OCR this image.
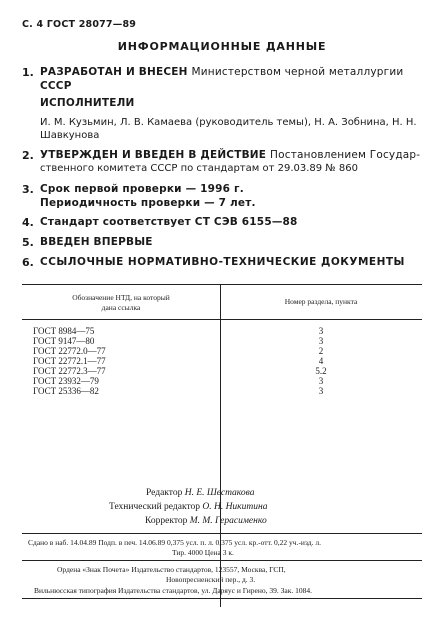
С. 4 ГОСТ 28077—89
ИНФОРМАЦИОННЫЕ ДАННЫЕ
1. РАЗРАБОТАН И ВНЕСЕН Министерством черной металлургии
СССР
ИСПОЛНИТЕЛИ
И. М. Кузьмин, Л. В. Камаева (руководитель темы), Н. А. Зобнина, Н. Н.
Шавкунова
2. УТВЕРЖДЕН И ВВЕДЕН В ДЕЙСТВИЕ Постановлением Государ-
ственного комитета СССР по стандартам от 29.03.89 № 860
3. Срок первой проверки — 1996 г.
Периодичность проверки — 7 лет.
4. Стандарт соответствует СТ СЭВ 6155—88
5. ВВЕДЕН ВПЕРВЫЕ
6. ССЫЛОЧНЫЕ НОРМАТИВНО-ТЕХНИЧЕСКИЕ ДОКУМЕНТЫ
Обозначение НТД, на который
дана ссылка
Номер раздела, пункта
ГОСТ 8984—75	3
ГОСТ 9147—80	3
ГОСТ 22772.0—77	2
ГОСТ 22772.1—77	4
ГОСТ 22772.3—77	5.2
ГОСТ 23932—79	3
ГОСТ 25336—82	3
Редактор Н. Е. Шестакова
Технический редактор О. Н. Никитина
Корректор М. М. Герасименко
Сдано в наб. 14.04.89 Подп. в печ. 14.06.89 0,375 усл. п. л. 0,375 усл. кр.-отт. 0,22 уч.-изд. л.
Тир. 4000 Цена 3 к.
Ордена «Знак Почета» Издательство стандартов, 123557, Москва, ГСП,
Новопресненский пер., д. 3.
Вильнюсская типография Издательства стандартов, ул. Даряус и Гирено, 39. Зак. 1084.
